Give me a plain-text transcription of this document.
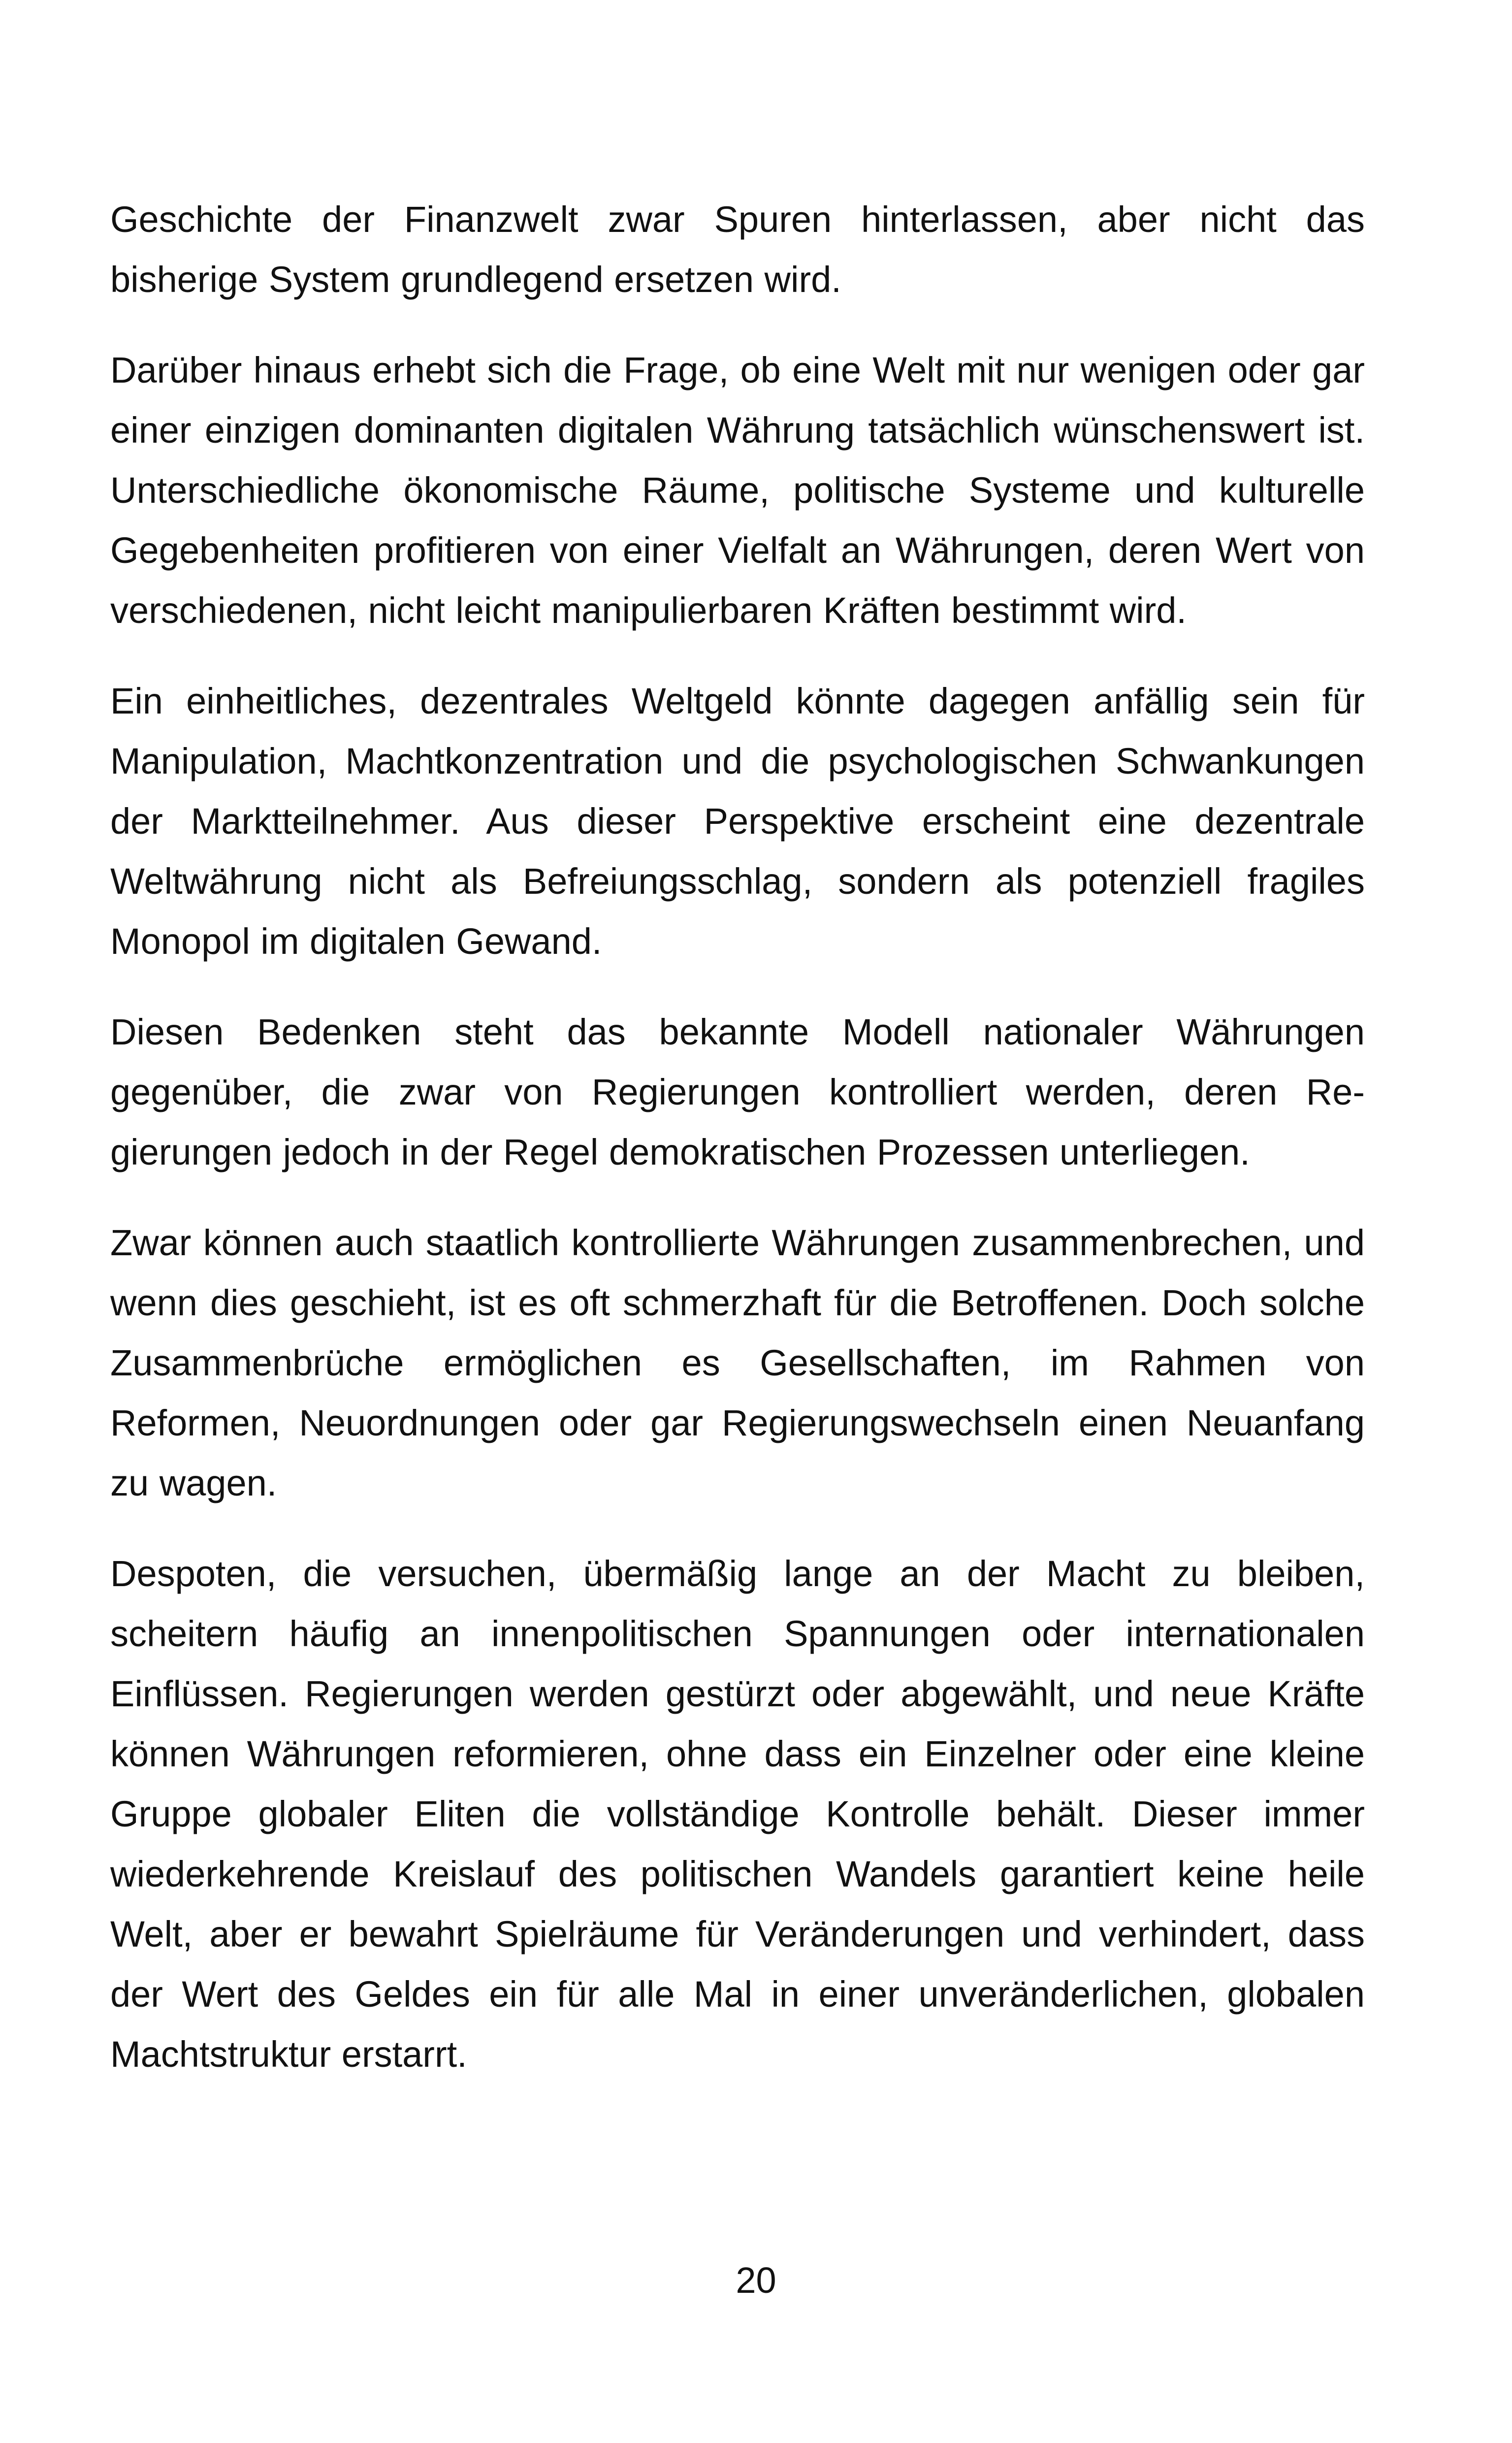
Geschichte der Finanzwelt zwar Spuren hinterlassen, aber nicht das bisherige System grundlegend ersetzen wird.

Darüber hinaus erhebt sich die Frage, ob eine Welt mit nur wenigen oder gar einer einzigen dominanten digitalen Währung tatsächlich wünschenswert ist. Unterschiedliche ökonomische Räume, politische Systeme und kulturelle Gegebenheiten profitieren von einer Vielfalt an Währungen, deren Wert von verschiedenen, nicht leicht manipulierbaren Kräften bestimmt wird.

Ein einheitliches, dezentrales Weltgeld könnte dagegen anfällig sein für Manipulation, Machtkonzentration und die psychologischen Schwankungen der Marktteilnehmer. Aus dieser Perspektive erscheint eine dezentrale Weltwährung nicht als Befreiungsschlag, sondern als potenziell fragiles Monopol im digitalen Gewand.

Diesen Bedenken steht das bekannte Modell nationaler Währungen gegenüber, die zwar von Regierungen kontrolliert werden, deren Regierungen jedoch in der Regel demokratischen Prozessen unterliegen.

Zwar können auch staatlich kontrollierte Währungen zusammenbrechen, und wenn dies geschieht, ist es oft schmerzhaft für die Betroffenen. Doch solche Zusammenbrüche ermöglichen es Gesellschaften, im Rahmen von Reformen, Neuordnungen oder gar Regierungswechseln einen Neuanfang zu wagen.

Despoten, die versuchen, übermäßig lange an der Macht zu bleiben, scheitern häufig an innenpolitischen Spannungen oder internationalen Einflüssen. Regierungen werden gestürzt oder abgewählt, und neue Kräfte können Währungen reformieren, ohne dass ein Einzelner oder eine kleine Gruppe globaler Eliten die vollständige Kontrolle behält. Dieser immer wiederkehrende Kreislauf des politischen Wandels garantiert keine heile Welt, aber er bewahrt Spielräume für Veränderungen und verhindert, dass der Wert des Geldes ein für alle Mal in einer unveränderlichen, globalen Machtstruktur erstarrt.

20
